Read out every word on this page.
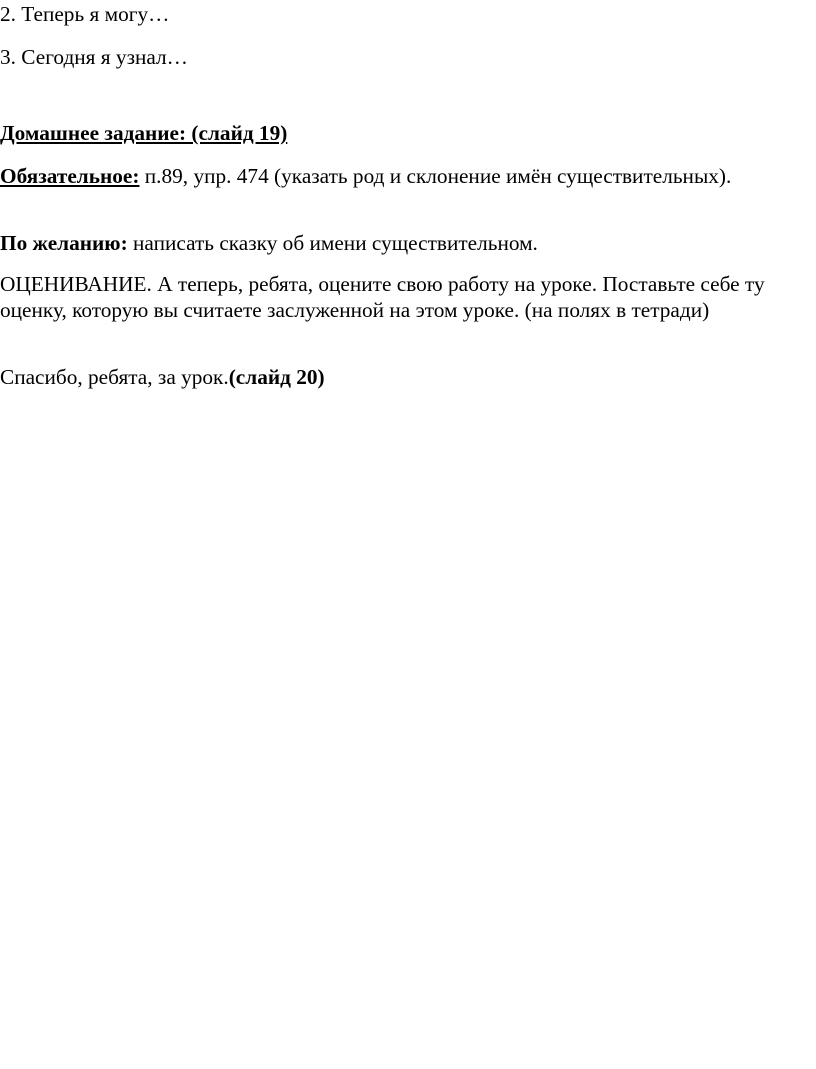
2. Теперь я могу…

3. Сегодня я узнал…

Домашнее задание: (слайд 19)

Обязательное: п.89, упр. 474 (указать род и склонение имён существительных).

По желанию: написать сказку об имени существительном.

ОЦЕНИВАНИЕ. А теперь, ребята, оцените свою работу на уроке. Поставьте себе ту оценку, которую вы считаете заслуженной на этом уроке. (на полях в тетради)

Спасибо, ребята, за урок.(слайд 20)
